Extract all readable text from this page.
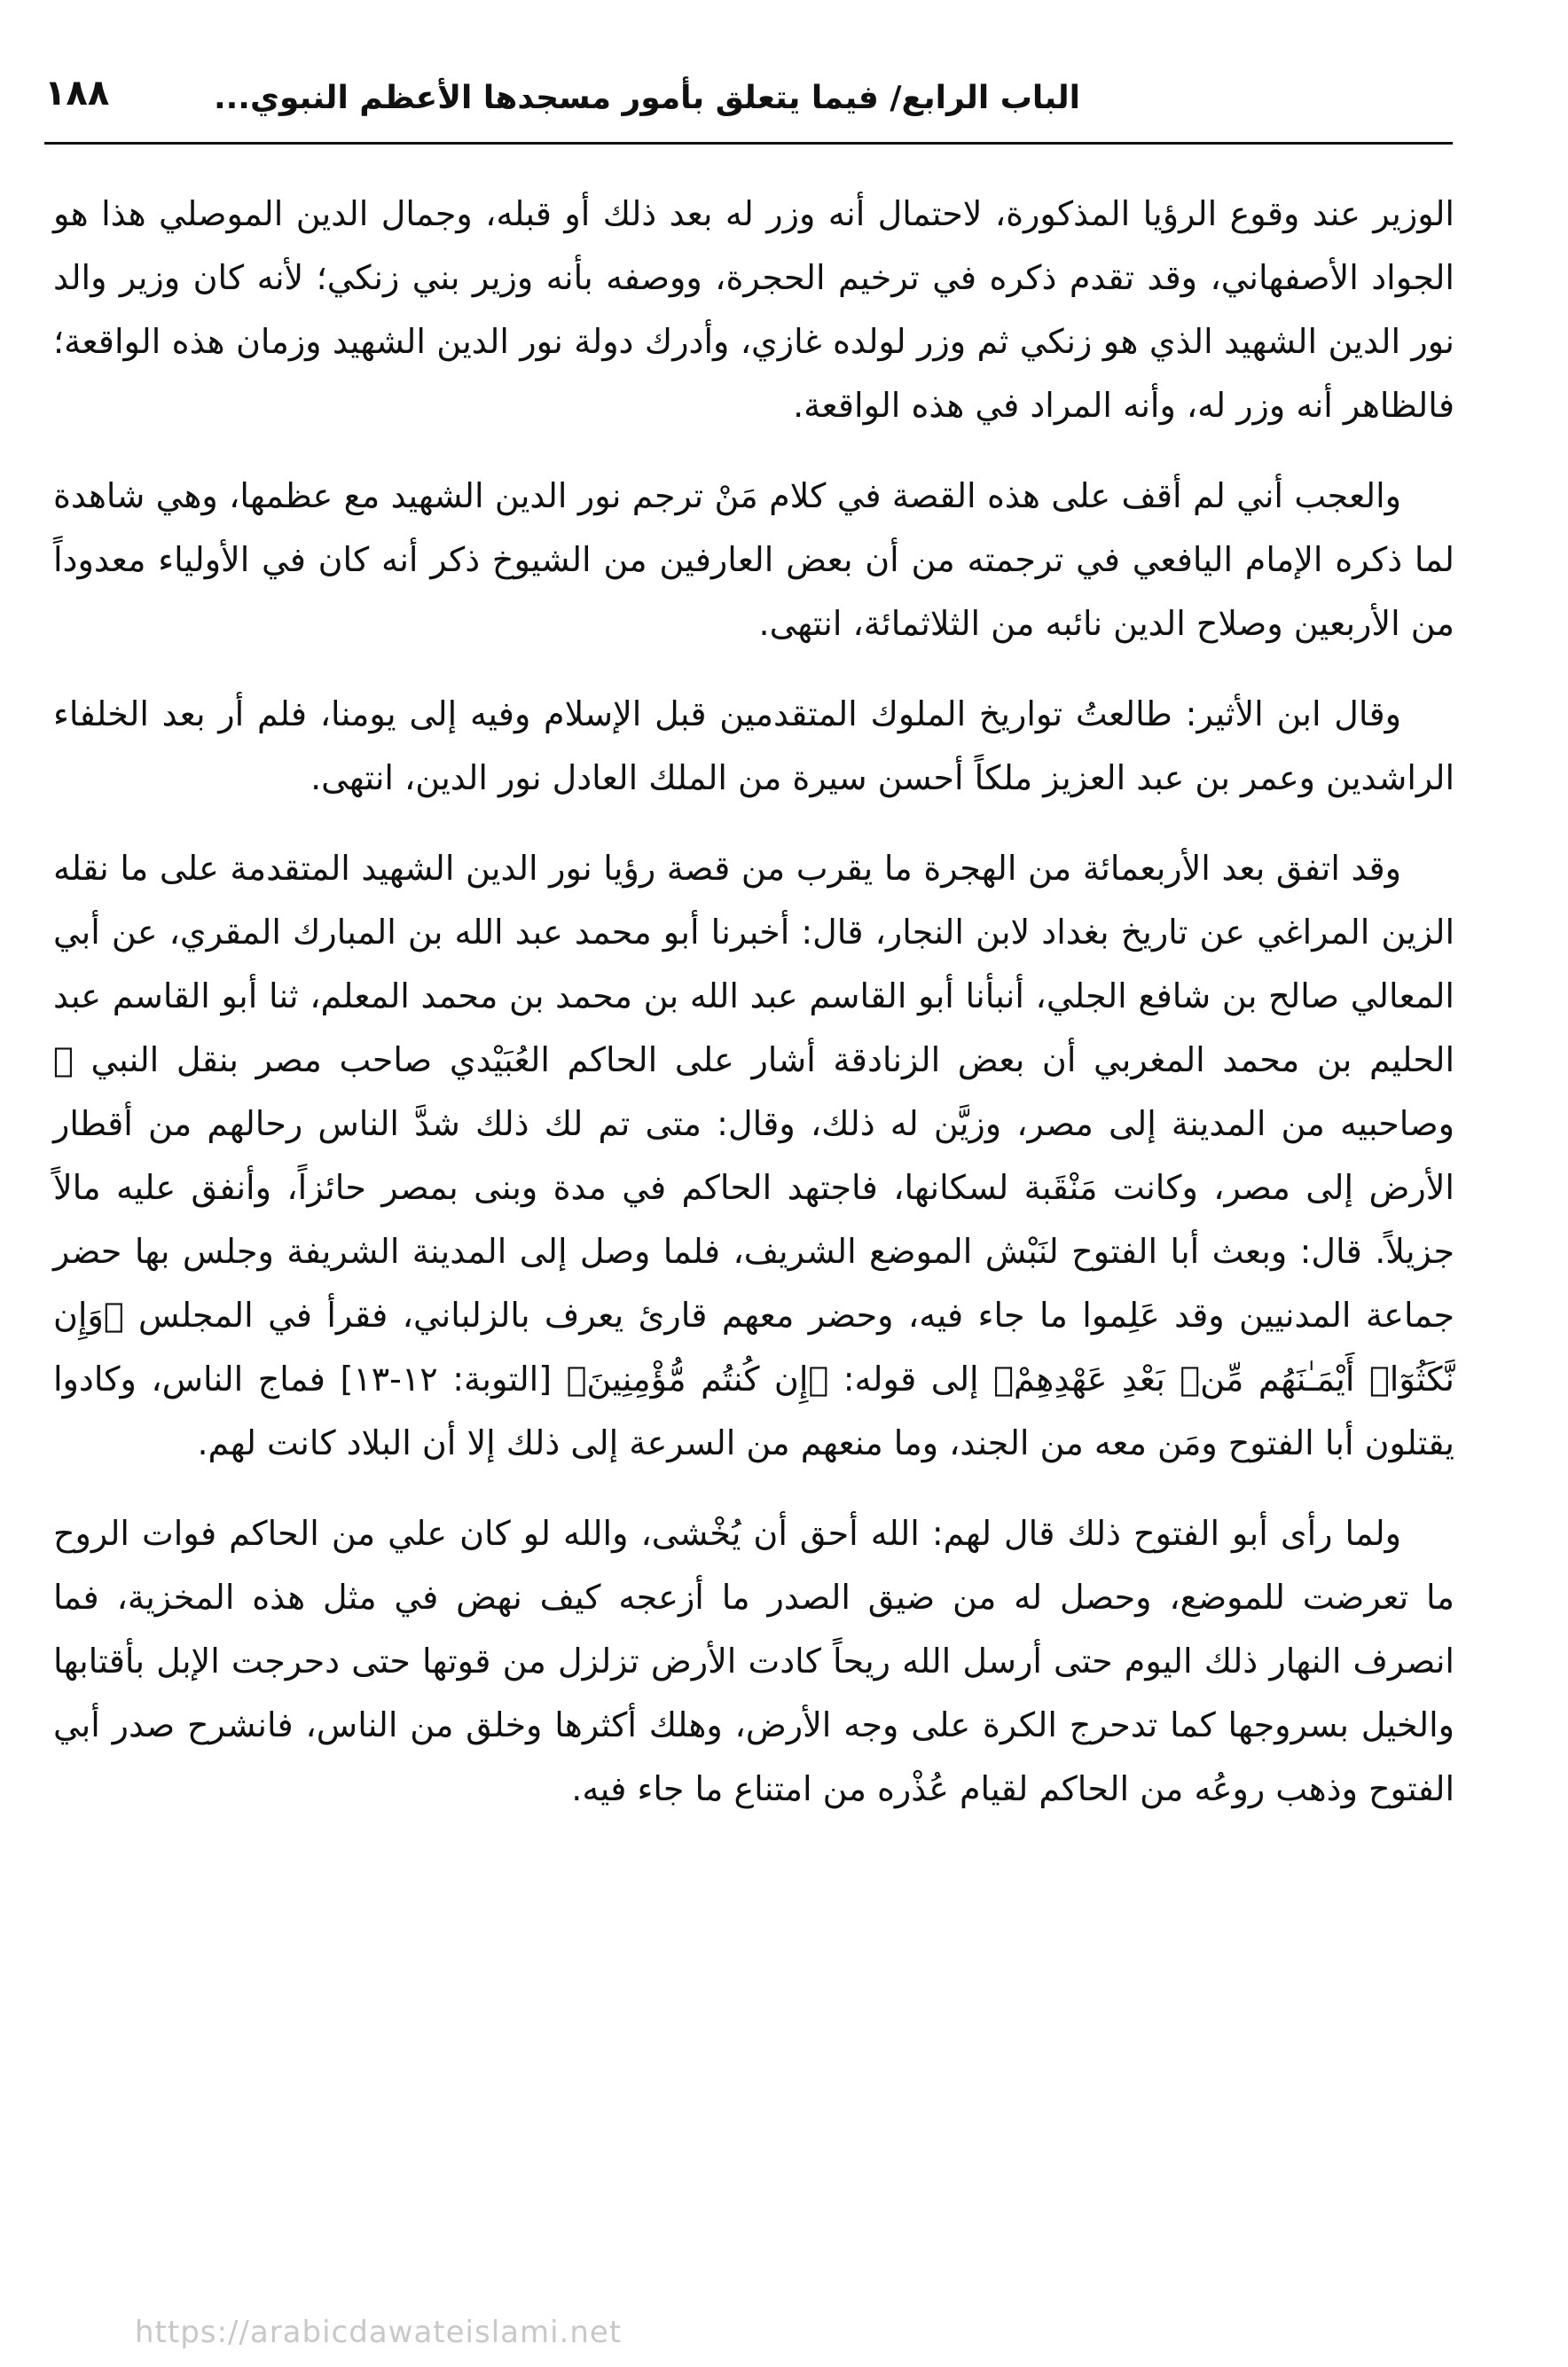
الباب الرابع/ فيما يتعلق بأمور مسجدها الأعظم النبوي...
١٨٨

الوزير عند وقوع الرؤيا المذكورة، لاحتمال أنه وزر له بعد ذلك أو قبله، وجمال الدين الموصلي هذا هو الجواد الأصفهاني، وقد تقدم ذكره في ترخيم الحجرة، ووصفه بأنه وزير بني زنكي؛ لأنه كان وزير والد نور الدين الشهيد الذي هو زنكي ثم وزر لولده غازي، وأدرك دولة نور الدين الشهيد وزمان هذه الواقعة؛ فالظاهر أنه وزر له، وأنه المراد في هذه الواقعة.

والعجب أني لم أقف على هذه القصة في كلام مَنْ ترجم نور الدين الشهيد مع عظمها، وهي شاهدة لما ذكره الإمام اليافعي في ترجمته من أن بعض العارفين من الشيوخ ذكر أنه كان في الأولياء معدوداً من الأربعين وصلاح الدين نائبه من الثلاثمائة، انتهى.

وقال ابن الأثير: طالعتُ تواريخ الملوك المتقدمين قبل الإسلام وفيه إلى يومنا، فلم أر بعد الخلفاء الراشدين وعمر بن عبد العزيز ملكاً أحسن سيرة من الملك العادل نور الدين، انتهى.

وقد اتفق بعد الأربعمائة من الهجرة ما يقرب من قصة رؤيا نور الدين الشهيد المتقدمة على ما نقله الزين المراغي عن تاريخ بغداد لابن النجار، قال: أخبرنا أبو محمد عبد الله بن المبارك المقري، عن أبي المعالي صالح بن شافع الجلي، أنبأنا أبو القاسم عبد الله بن محمد بن محمد المعلم، ثنا أبو القاسم عبد الحليم بن محمد المغربي أن بعض الزنادقة أشار على الحاكم العُبَيْدي صاحب مصر بنقل النبي ﷺ وصاحبيه من المدينة إلى مصر، وزيَّن له ذلك، وقال: متى تم لك ذلك شدَّ الناس رحالهم من أقطار الأرض إلى مصر، وكانت مَنْقَبة لسكانها، فاجتهد الحاكم في مدة وبنى بمصر حائزاً، وأنفق عليه مالاً جزيلاً. قال: وبعث أبا الفتوح لنَبْش الموضع الشريف، فلما وصل إلى المدينة الشريفة وجلس بها حضر جماعة المدنيين وقد عَلِموا ما جاء فيه، وحضر معهم قارئ يعرف بالزلباني، فقرأ في المجلس ﴿وَإِن نَّكَثُوٓا۟ أَيْمَـٰنَهُم مِّنۢ بَعْدِ عَهْدِهِمْ﴾ إلى قوله: ﴿إِن كُنتُم مُّؤْمِنِينَ﴾ [التوبة: ١٢-١٣] فماج الناس، وكادوا يقتلون أبا الفتوح ومَن معه من الجند، وما منعهم من السرعة إلى ذلك إلا أن البلاد كانت لهم.

ولما رأى أبو الفتوح ذلك قال لهم: الله أحق أن يُخْشى، والله لو كان علي من الحاكم فوات الروح ما تعرضت للموضع، وحصل له من ضيق الصدر ما أزعجه كيف نهض في مثل هذه المخزية، فما انصرف النهار ذلك اليوم حتى أرسل الله ريحاً كادت الأرض تزلزل من قوتها حتى دحرجت الإبل بأقتابها والخيل بسروجها كما تدحرج الكرة على وجه الأرض، وهلك أكثرها وخلق من الناس، فانشرح صدر أبي الفتوح وذهب روعُه من الحاكم لقيام عُذْره من امتناع ما جاء فيه.

https://arabicdawateislami.net
